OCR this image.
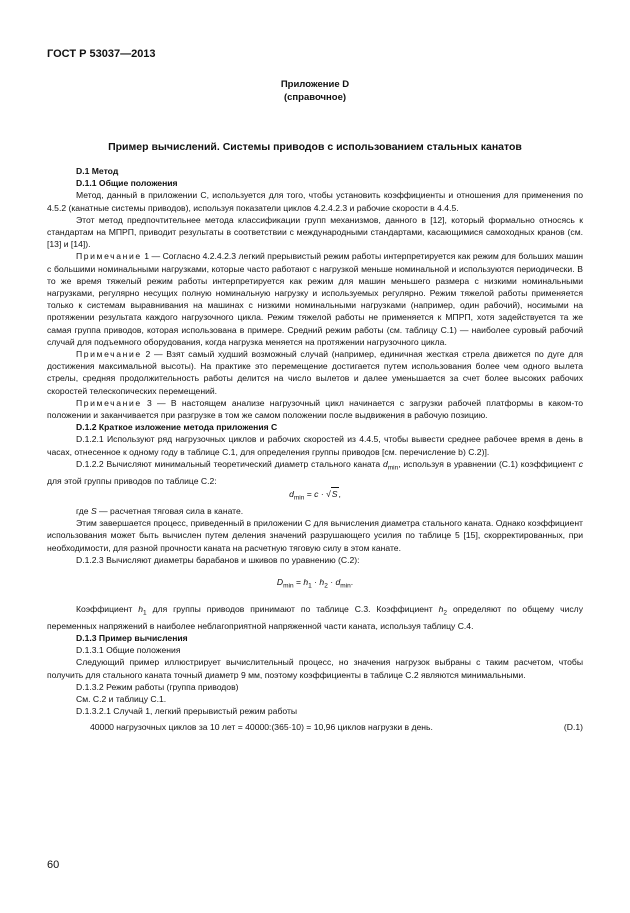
ГОСТ Р 53037—2013
Приложение D
(справочное)
Пример вычислений. Системы приводов с использованием стальных канатов

D.1 Метод

D.1.1 Общие положения

Метод, данный в приложении С, используется для того, чтобы установить коэффициенты и отношения для применения по 4.5.2 (канатные системы приводов), используя показатели циклов 4.2.4.2.3 и рабочие скорости в 4.4.5.

Этот метод предпочтительнее метода классификации групп механизмов, данного в [12], который формально относясь к стандартам на МПРП, приводит результаты в соответствии с международными стандартами, касающимися самоходных кранов (см. [13] и [14]).

Примечание 1 — Согласно 4.2.4.2.3 легкий прерывистый режим работы интерпретируется как режим для больших машин с большими номинальными нагрузками, которые часто работают с нагрузкой меньше номинальной и используются периодически. В то же время тяжелый режим работы интерпретируется как режим для машин меньшего размера с низкими номинальными нагрузками, регулярно несущих полную номинальную нагрузку и используемых регулярно. Режим тяжелой работы применяется только к системам выравнивания на машинах с низкими номинальными нагрузками (например, один рабочий), носимыми на протяжении результата каждого нагрузочного цикла. Режим тяжелой работы не применяется к МПРП, хотя задействуется та же самая группа приводов, которая использована в примере. Средний режим работы (см. таблицу С.1) — наиболее суровый рабочий случай для подъемного оборудования, когда нагрузка меняется на протяжении нагрузочного цикла.

Примечание 2 — Взят самый худший возможный случай (например, единичная жесткая стрела движется по дуге для достижения максимальной высоты). На практике это перемещение достигается путем использования более чем одного вылета стрелы, средняя продолжительность работы делится на число вылетов и далее уменьшается за счет более высоких рабочих скоростей телескопических перемещений.

Примечание 3 — В настоящем анализе нагрузочный цикл начинается с загрузки рабочей платформы в каком-то положении и заканчивается при разгрузке в том же самом положении после выдвижения в рабочую позицию.

D.1.2 Краткое изложение метода приложения С

D.1.2.1 Используют ряд нагрузочных циклов и рабочих скоростей из 4.4.5, чтобы вывести среднее рабочее время в день в часах, отнесенное к одному году в таблице С.1, для определения группы приводов [см. перечисление b) С.2)].

D.1.2.2 Вычисляют минимальный теоретический диаметр стального каната $d_{min}$, используя в уравнении (С.1) коэффициент c для этой группы приводов по таблице С.2:

$d_{min} = c \cdot √S$,

где S — расчетная тяговая сила в канате.

Этим завершается процесс, приведенный в приложении С для вычисления диаметра стального каната. Однако коэффициент использования может быть вычислен путем деления значений разрушающего усилия по таблице 5 [15], скорректированных, при необходимости, для разной прочности каната на расчетную тяговую силу в этом канате.

D.1.2.3 Вычисляют диаметры барабанов и шкивов по уравнению (С.2):

$D_{min} = h_1 \cdot h_2 \cdot d_{min}$.

Коэффициент $h_1$ для группы приводов принимают по таблице С.3. Коэффициент $h_2$ определяют по общему числу переменных напряжений в наиболее неблагоприятной напряженной части каната, используя таблицу С.4.

D.1.3 Пример вычисления

D.1.3.1 Общие положения

Следующий пример иллюстрирует вычислительный процесс, но значения нагрузок выбраны с таким расчетом, чтобы получить для стального каната точный диаметр 9 мм, поэтому коэффициенты в таблице С.2 являются минимальными.

D.1.3.2 Режим работы (группа приводов)

См. С.2 и таблицу С.1.

D.1.3.2.1 Случай 1, легкий прерывистый режим работы

40000 нагрузочных циклов за 10 лет = 40000:(365·10) = 10,96 циклов нагрузки в день.	(D.1)

60
